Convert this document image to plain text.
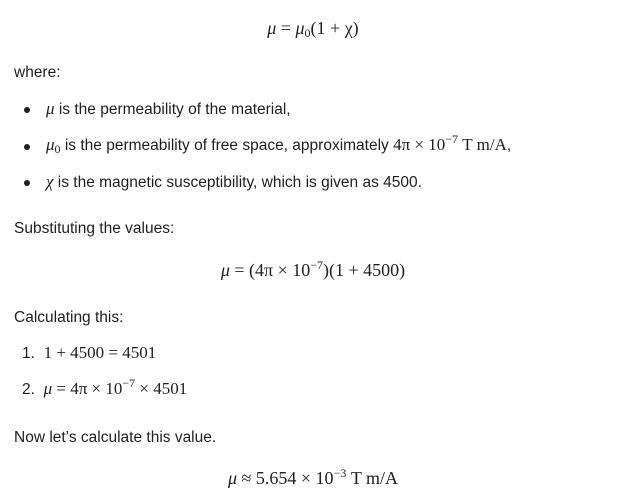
$\mu = \mu_0(1 + \chi)$
where:
μ is the permeability of the material,
$\mu_0$ is the permeability of free space, approximately $4\pi \times 10^{-7}$ T m/A,
χ is the magnetic susceptibility, which is given as 4500.
Substituting the values:
$\mu = (4\pi \times 10^{-7})(1 + 4500)$
Calculating this:
1. 1 + 4500 = 4501
2. $\mu = 4\pi \times 10^{-7} \times 4501$
Now let’s calculate this value.
$\mu \approx 5.654 \times 10^{-3}$ T m/A
